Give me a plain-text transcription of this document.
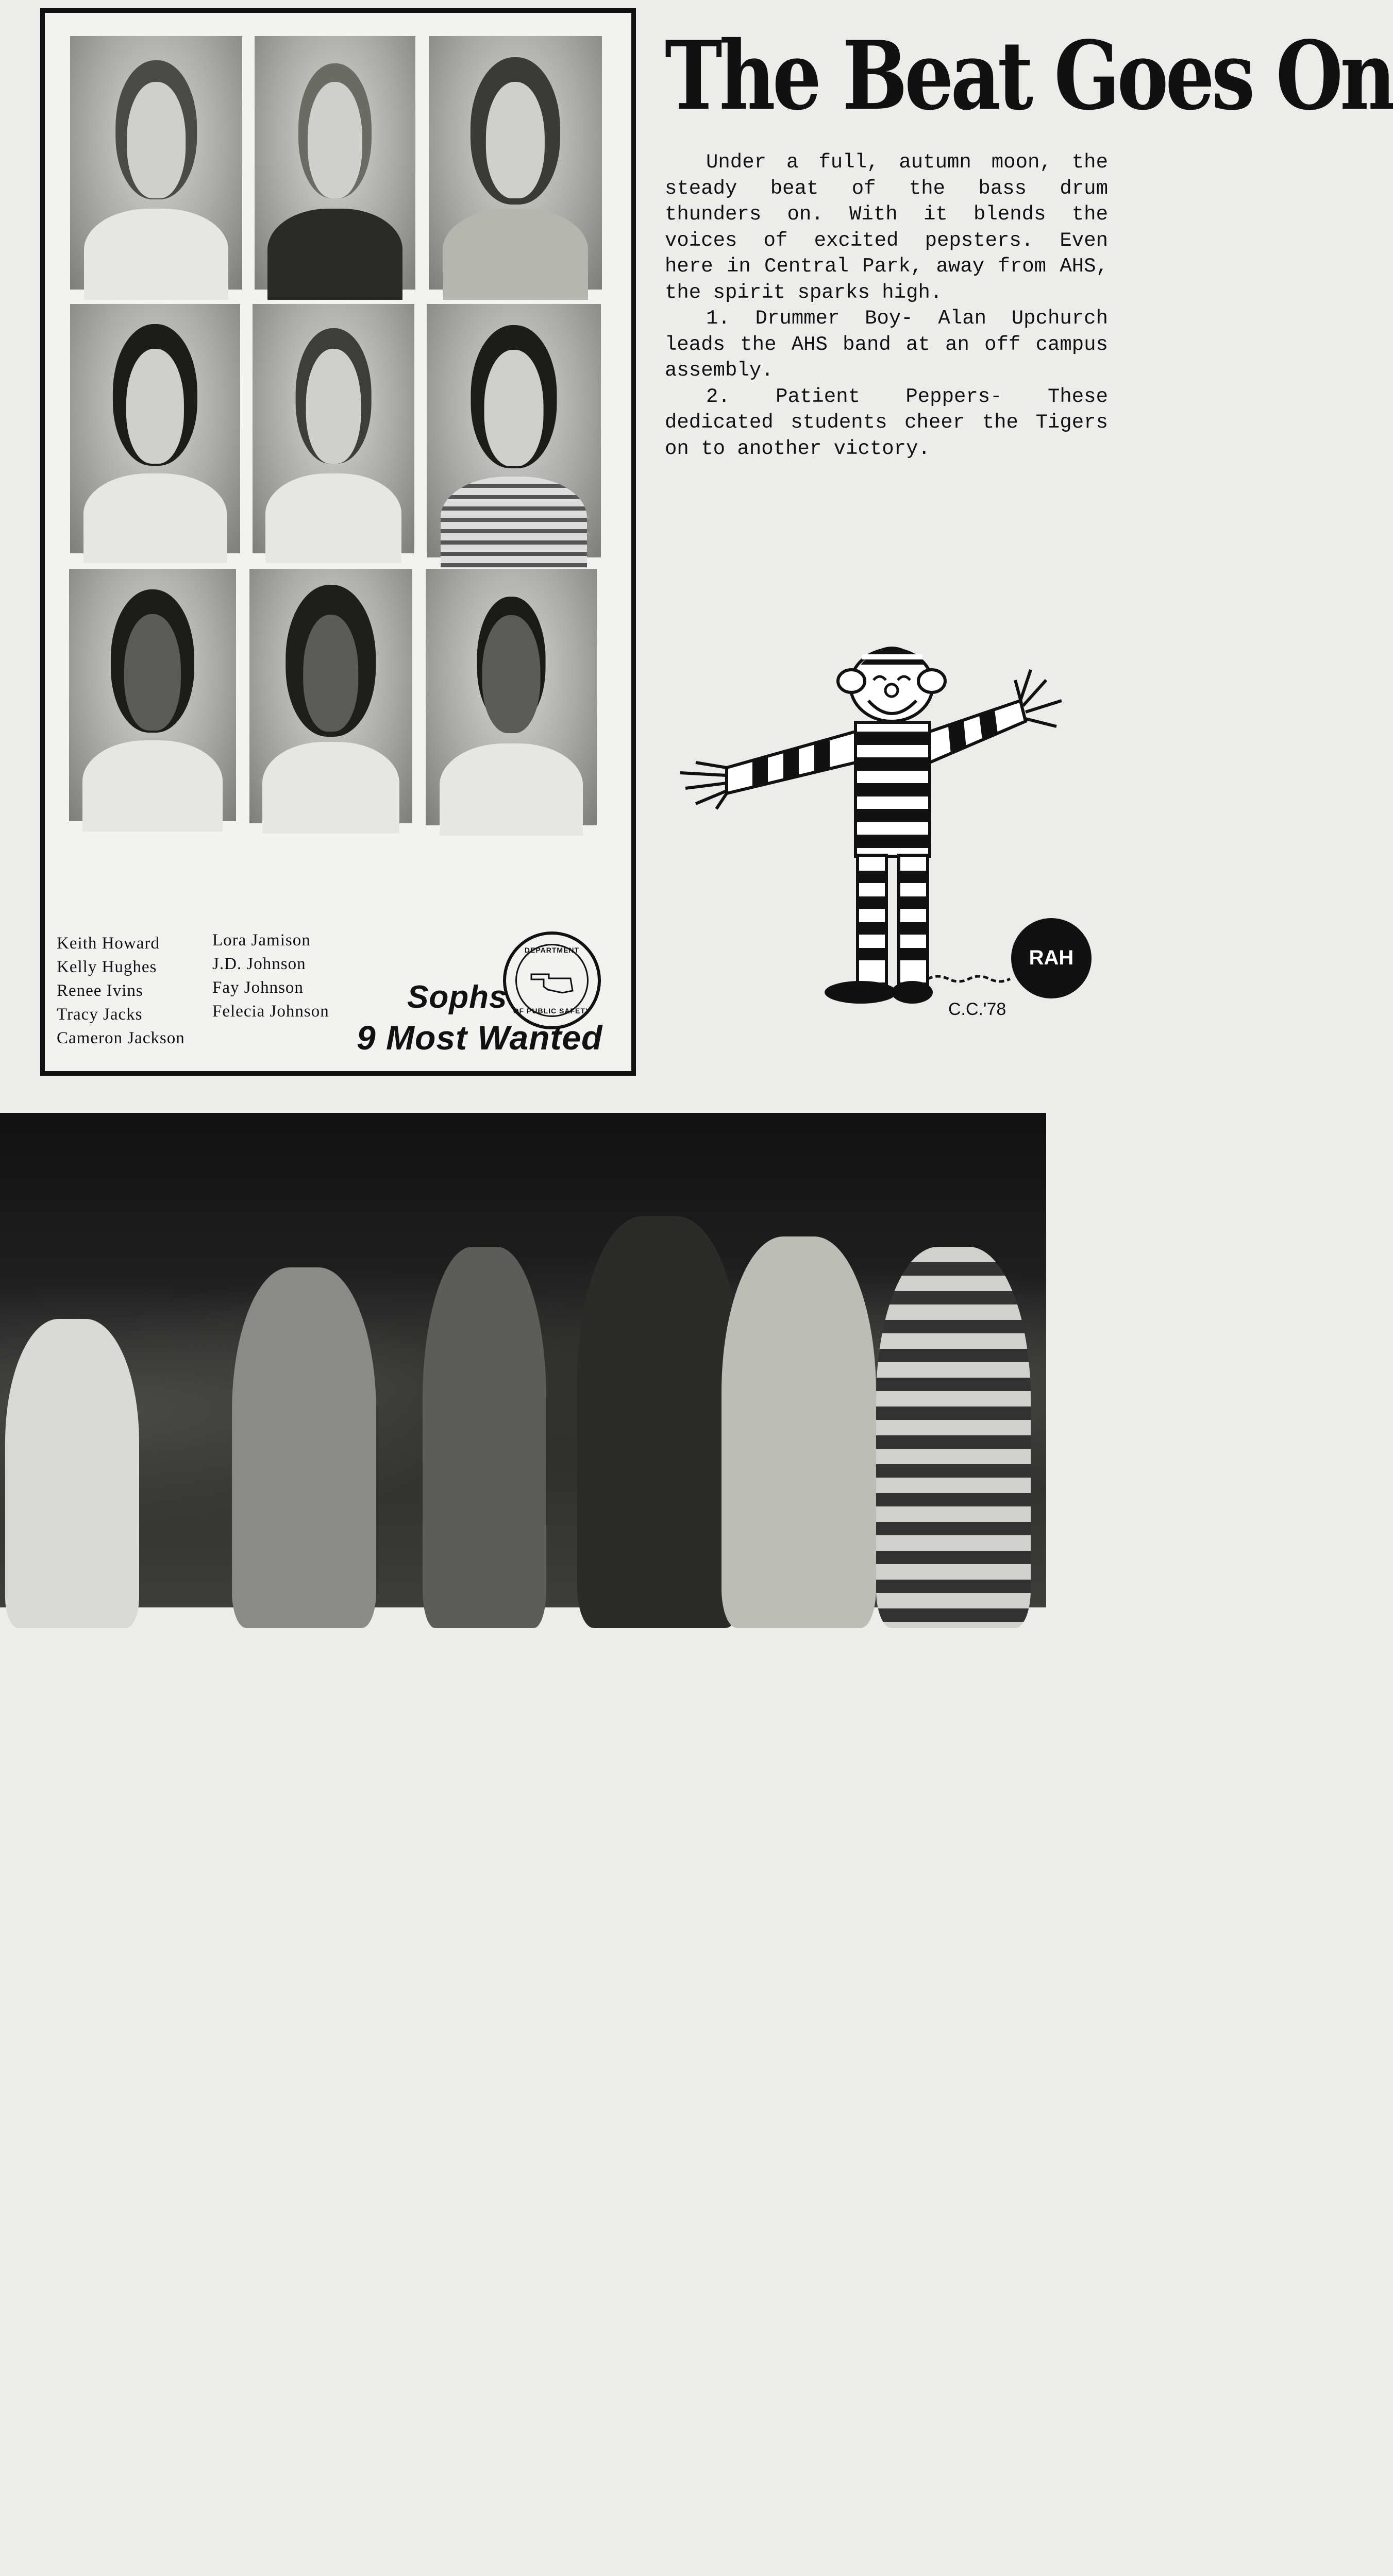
Keith Howard
Kelly Hughes
Renee Ivins
Tracy Jacks
Cameron Jackson
Lora Jamison
J.D. Johnson
Fay Johnson
Felecia Johnson
DEPARTMENT
OF PUBLIC SAFETY
Sophs
9 Most Wanted
The Beat Goes On

Under a full, autumn moon, the steady beat of the bass drum thunders on. With it blends the voices of excited pepsters. Even here in Central Park, away from AHS, the spirit sparks high.

1. Drummer Boy- Alan Upchurch leads the AHS band at an off campus assembly.

2. Patient Peppers- These dedicated students cheer the Tigers on to another victory.

RAH
C.C.'78
